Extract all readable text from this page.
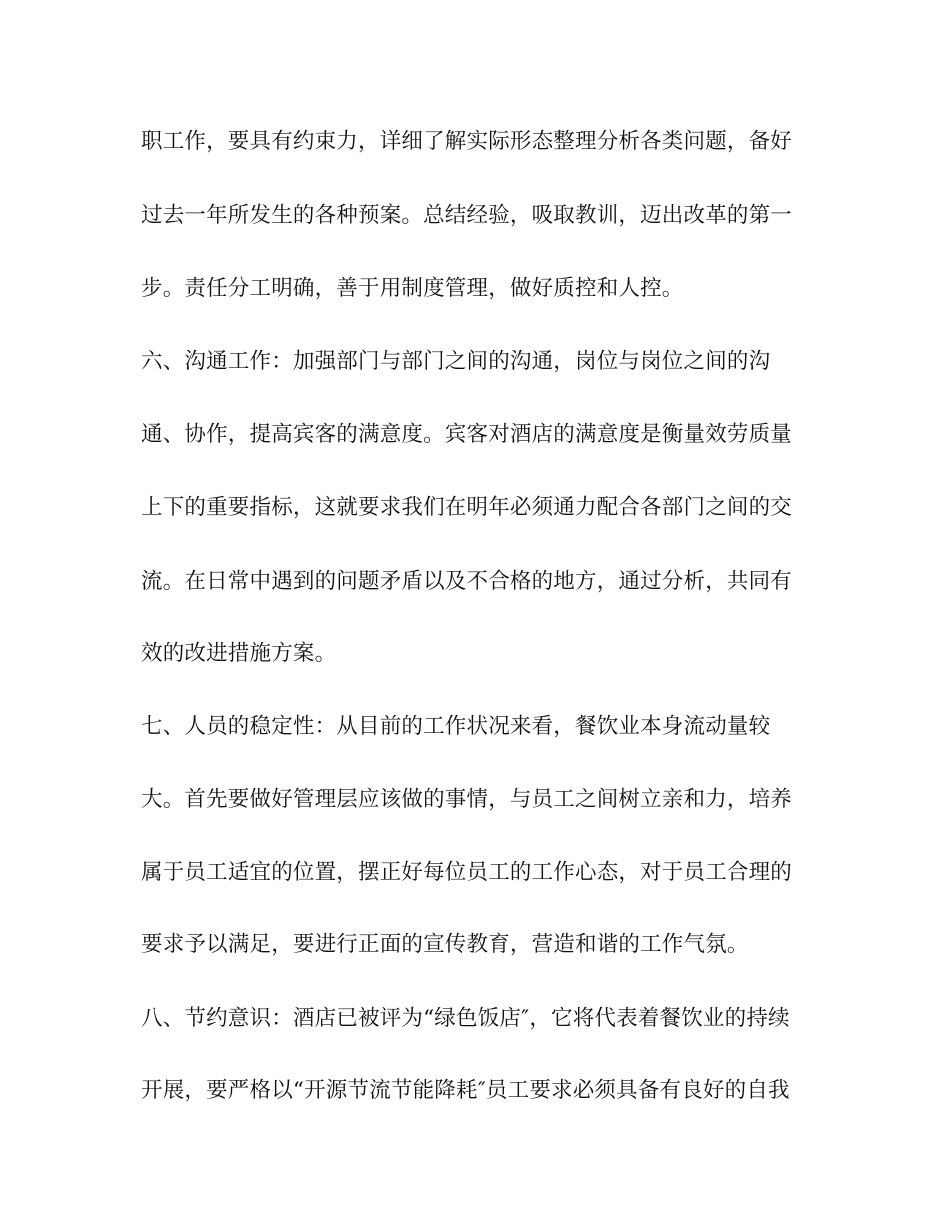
职工作，要具有约束力，详细了解实际形态整理分析各类问题，备好

过去一年所发生的各种预案。总结经验，吸取教训，迈出改革的第一

步。责任分工明确，善于用制度管理，做好质控和人控。

六、沟通工作：加强部门与部门之间的沟通，岗位与岗位之间的沟

通、协作，提高宾客的满意度。宾客对酒店的满意度是衡量效劳质量

上下的重要指标，这就要求我们在明年必须通力配合各部门之间的交

流。在日常中遇到的问题矛盾以及不合格的地方，通过分析，共同有

效的改进措施方案。

七、人员的稳定性：从目前的工作状况来看，餐饮业本身流动量较

大。首先要做好管理层应该做的事情，与员工之间树立亲和力，培养

属于员工适宜的位置，摆正好每位员工的工作心态，对于员工合理的

要求予以满足，要进行正面的宣传教育，营造和谐的工作气氛。

八、节约意识：酒店已被评为“绿色饭店″，它将代表着餐饮业的持续

开展，要严格以“开源节流节能降耗″员工要求必须具备有良好的自我
